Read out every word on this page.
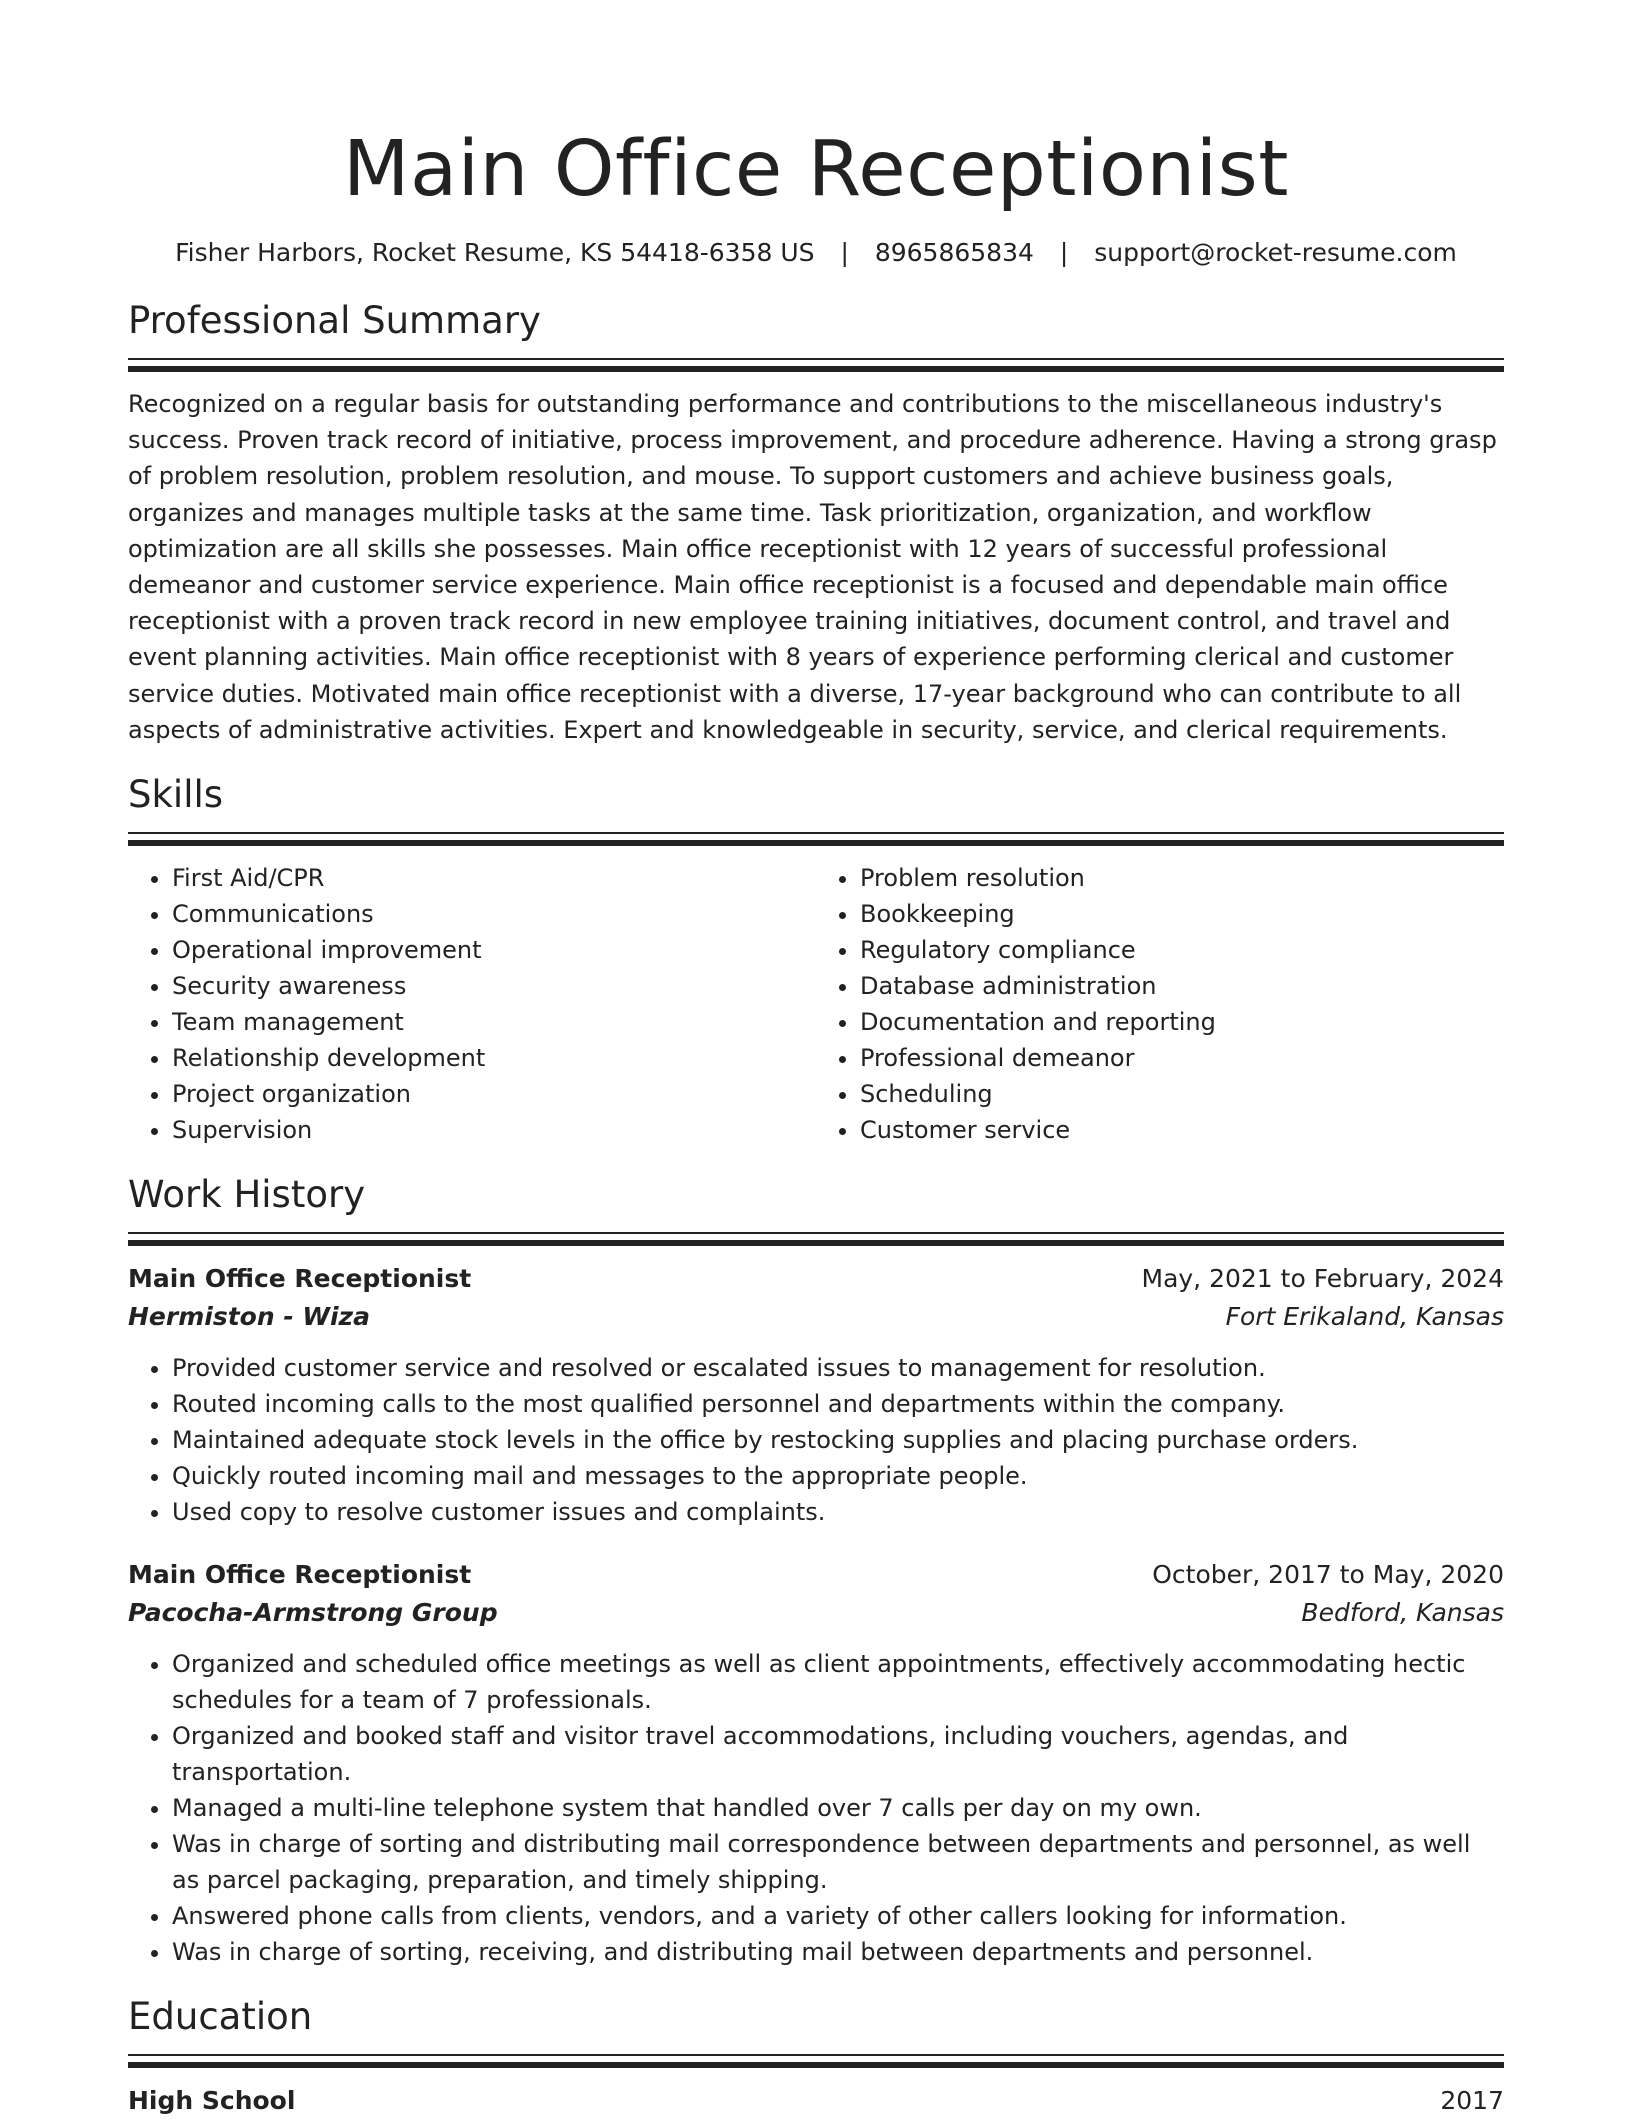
Main Office Receptionist
Fisher Harbors, Rocket Resume, KS 54418-6358 US | 8965865834 | support@rocket-resume.com
Professional Summary

Recognized on a regular basis for outstanding performance and contributions to the miscellaneous industry's success. Proven track record of initiative, process improvement, and procedure adherence. Having a strong grasp of problem resolution, problem resolution, and mouse. To support customers and achieve business goals, organizes and manages multiple tasks at the same time. Task prioritization, organization, and workflow optimization are all skills she possesses. Main office receptionist with 12 years of successful professional demeanor and customer service experience. Main office receptionist is a focused and dependable main office receptionist with a proven track record in new employee training initiatives, document control, and travel and event planning activities. Main office receptionist with 8 years of experience performing clerical and customer service duties. Motivated main office receptionist with a diverse, 17-year background who can contribute to all aspects of administrative activities. Expert and knowledgeable in security, service, and clerical requirements.

Skills
• First Aid/CPR
• Communications
• Operational improvement
• Security awareness
• Team management
• Relationship development
• Project organization
• Supervision
• Problem resolution
• Bookkeeping
• Regulatory compliance
• Database administration
• Documentation and reporting
• Professional demeanor
• Scheduling
• Customer service
Work History
Main Office Receptionist	May, 2021 to February, 2024
Hermiston - Wiza	Fort Erikaland, Kansas
• Provided customer service and resolved or escalated issues to management for resolution.
• Routed incoming calls to the most qualified personnel and departments within the company.
• Maintained adequate stock levels in the office by restocking supplies and placing purchase orders.
• Quickly routed incoming mail and messages to the appropriate people.
• Used copy to resolve customer issues and complaints.
Main Office Receptionist	October, 2017 to May, 2020
Pacocha-Armstrong Group	Bedford, Kansas
• Organized and scheduled office meetings as well as client appointments, effectively accommodating hectic schedules for a team of 7 professionals.
• Organized and booked staff and visitor travel accommodations, including vouchers, agendas, and transportation.
• Managed a multi-line telephone system that handled over 7 calls per day on my own.
• Was in charge of sorting and distributing mail correspondence between departments and personnel, as well as parcel packaging, preparation, and timely shipping.
• Answered phone calls from clients, vendors, and a variety of other callers looking for information.
• Was in charge of sorting, receiving, and distributing mail between departments and personnel.
Education
High School	2017
